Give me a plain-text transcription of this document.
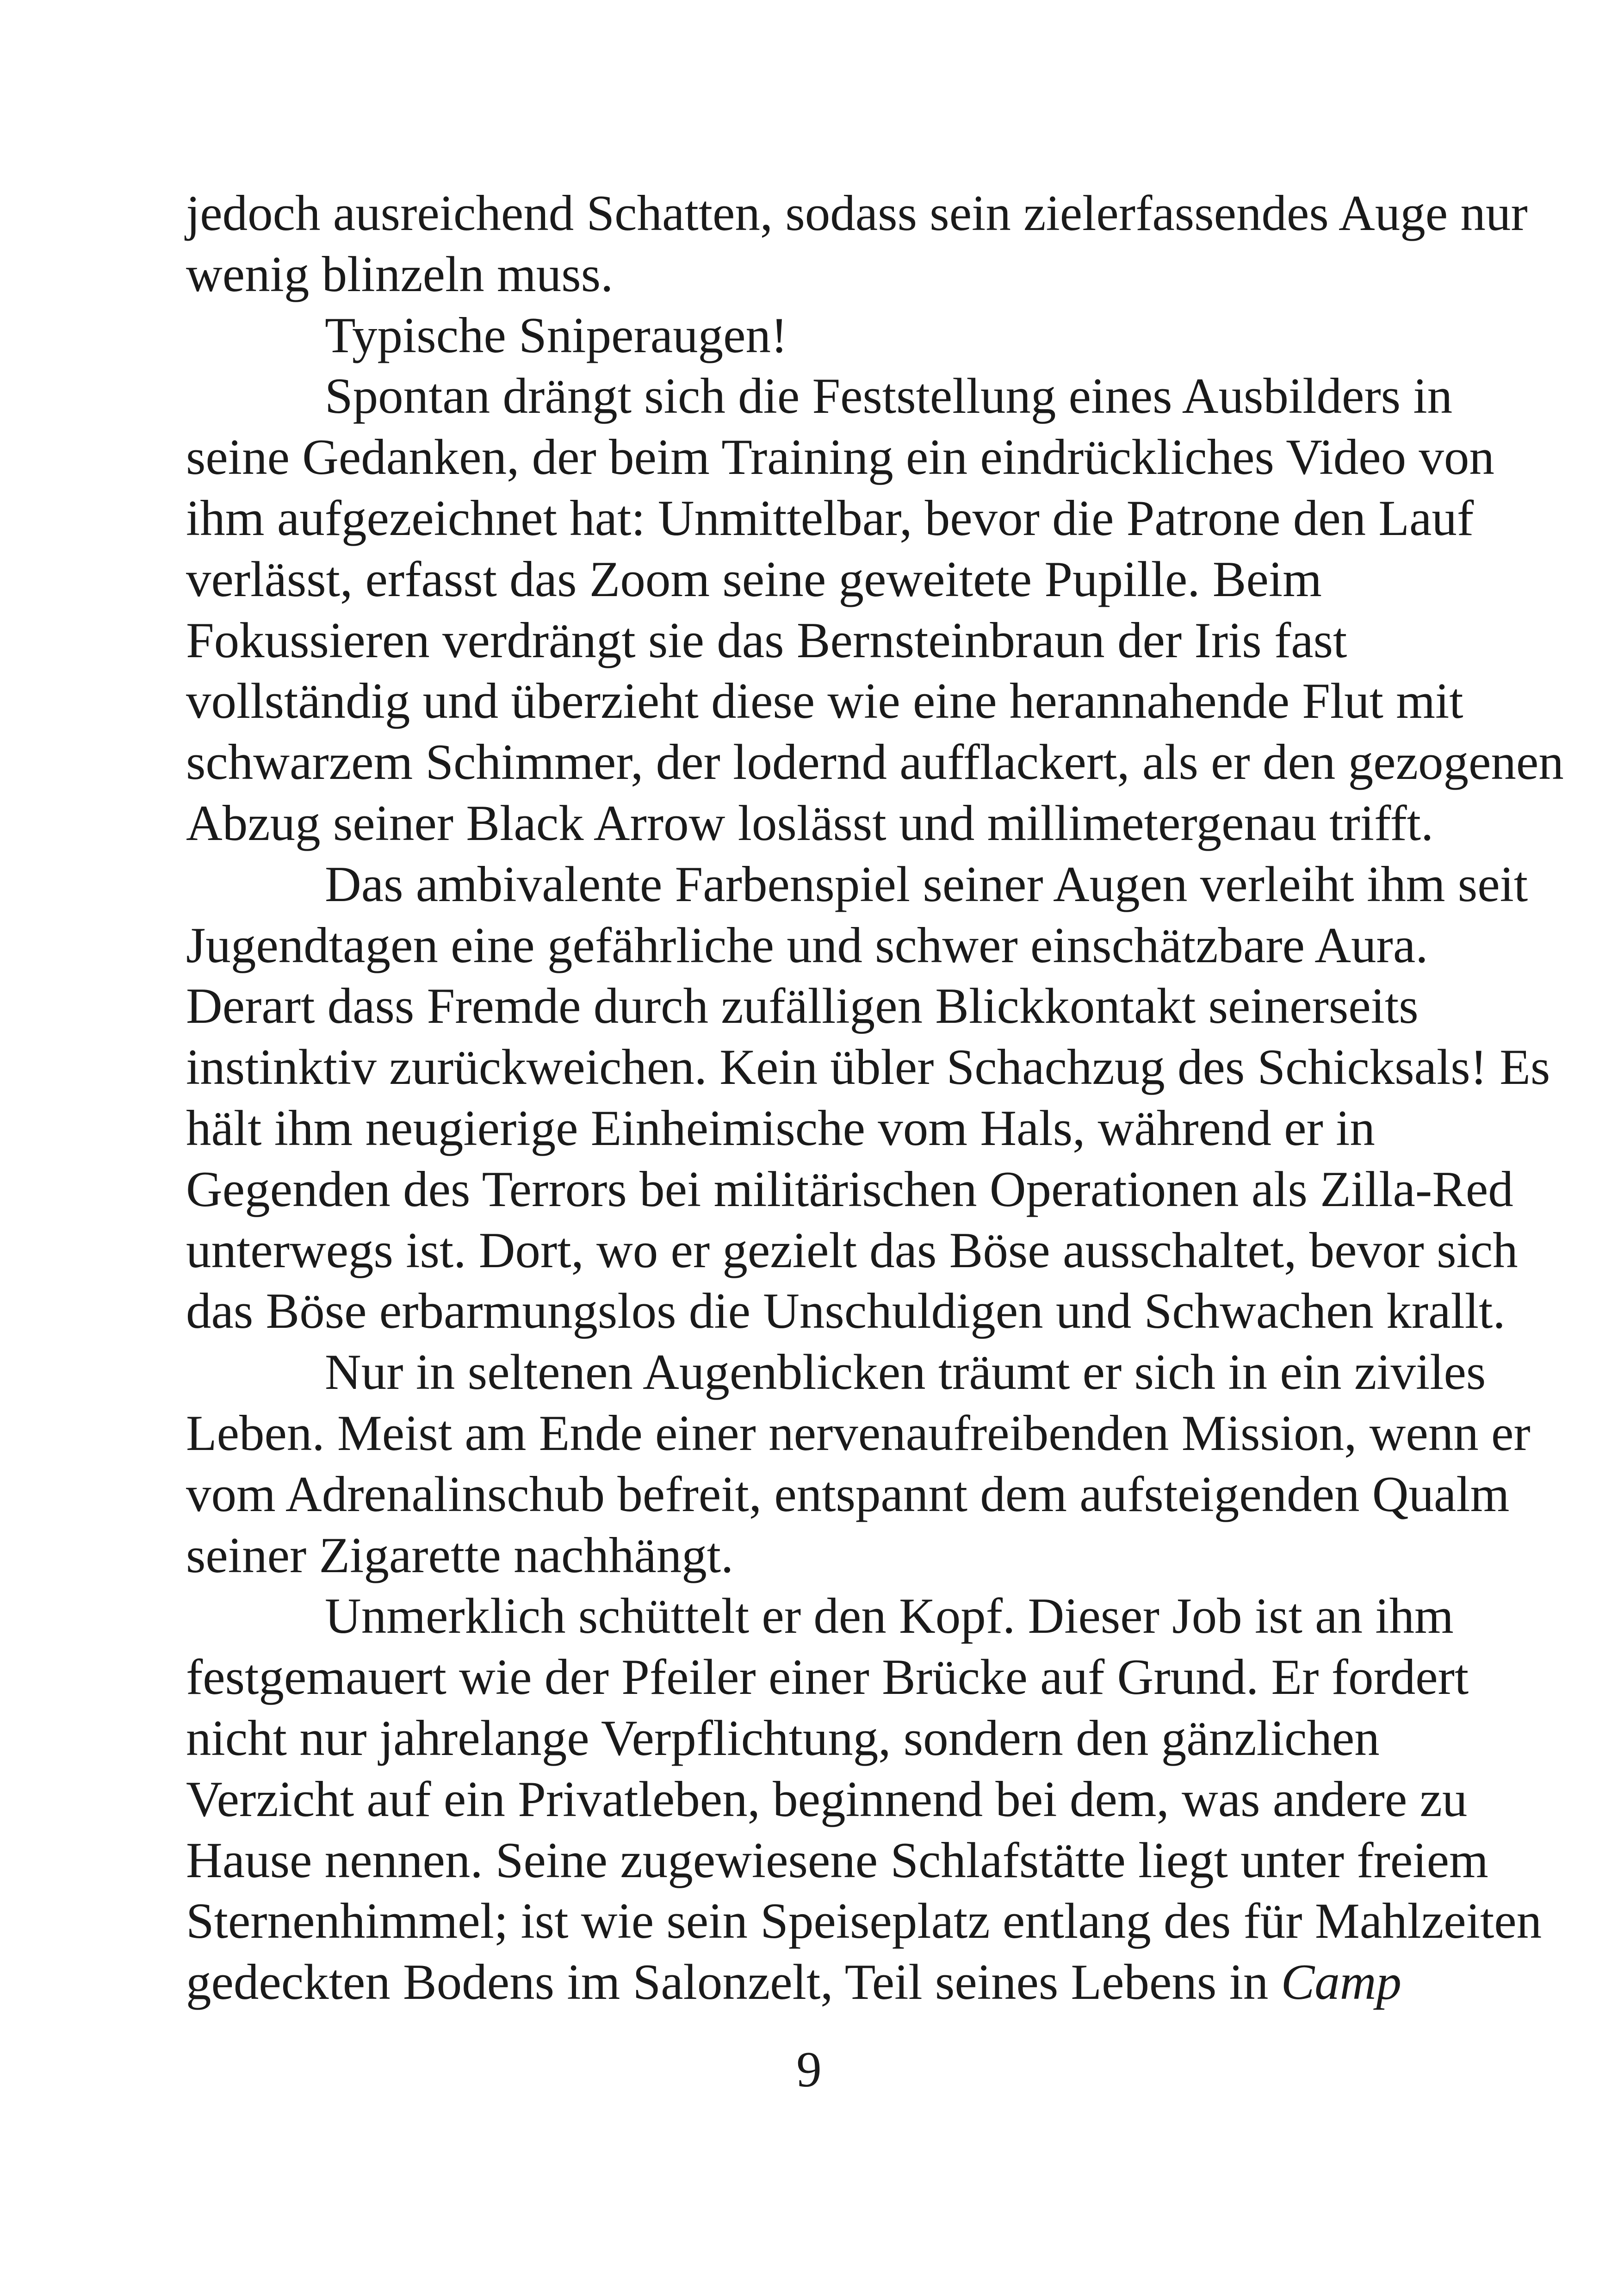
jedoch ausreichend Schatten, sodass sein zielerfassendes Auge nur
wenig blinzeln muss.

Typische Sniperaugen!

Spontan drängt sich die Feststellung eines Ausbilders in
seine Gedanken, der beim Training ein eindrückliches Video von
ihm aufgezeichnet hat: Unmittelbar, bevor die Patrone den Lauf
verlässt, erfasst das Zoom seine geweitete Pupille. Beim
Fokussieren verdrängt sie das Bernsteinbraun der Iris fast
vollständig und überzieht diese wie eine herannahende Flut mit
schwarzem Schimmer, der lodernd aufflackert, als er den gezogenen
Abzug seiner Black Arrow loslässt und millimetergenau trifft.

Das ambivalente Farbenspiel seiner Augen verleiht ihm seit
Jugendtagen eine gefährliche und schwer einschätzbare Aura.
Derart dass Fremde durch zufälligen Blickkontakt seinerseits
instinktiv zurückweichen. Kein übler Schachzug des Schicksals! Es
hält ihm neugierige Einheimische vom Hals, während er in
Gegenden des Terrors bei militärischen Operationen als Zilla-Red
unterwegs ist. Dort, wo er gezielt das Böse ausschaltet, bevor sich
das Böse erbarmungslos die Unschuldigen und Schwachen krallt.

Nur in seltenen Augenblicken träumt er sich in ein ziviles
Leben. Meist am Ende einer nervenaufreibenden Mission, wenn er
vom Adrenalinschub befreit, entspannt dem aufsteigenden Qualm
seiner Zigarette nachhängt.

Unmerklich schüttelt er den Kopf. Dieser Job ist an ihm
festgemauert wie der Pfeiler einer Brücke auf Grund. Er fordert
nicht nur jahrelange Verpflichtung, sondern den gänzlichen
Verzicht auf ein Privatleben, beginnend bei dem, was andere zu
Hause nennen. Seine zugewiesene Schlafstätte liegt unter freiem
Sternenhimmel; ist wie sein Speiseplatz entlang des für Mahlzeiten
gedeckten Bodens im Salonzelt, Teil seines Lebens in Camp

9
